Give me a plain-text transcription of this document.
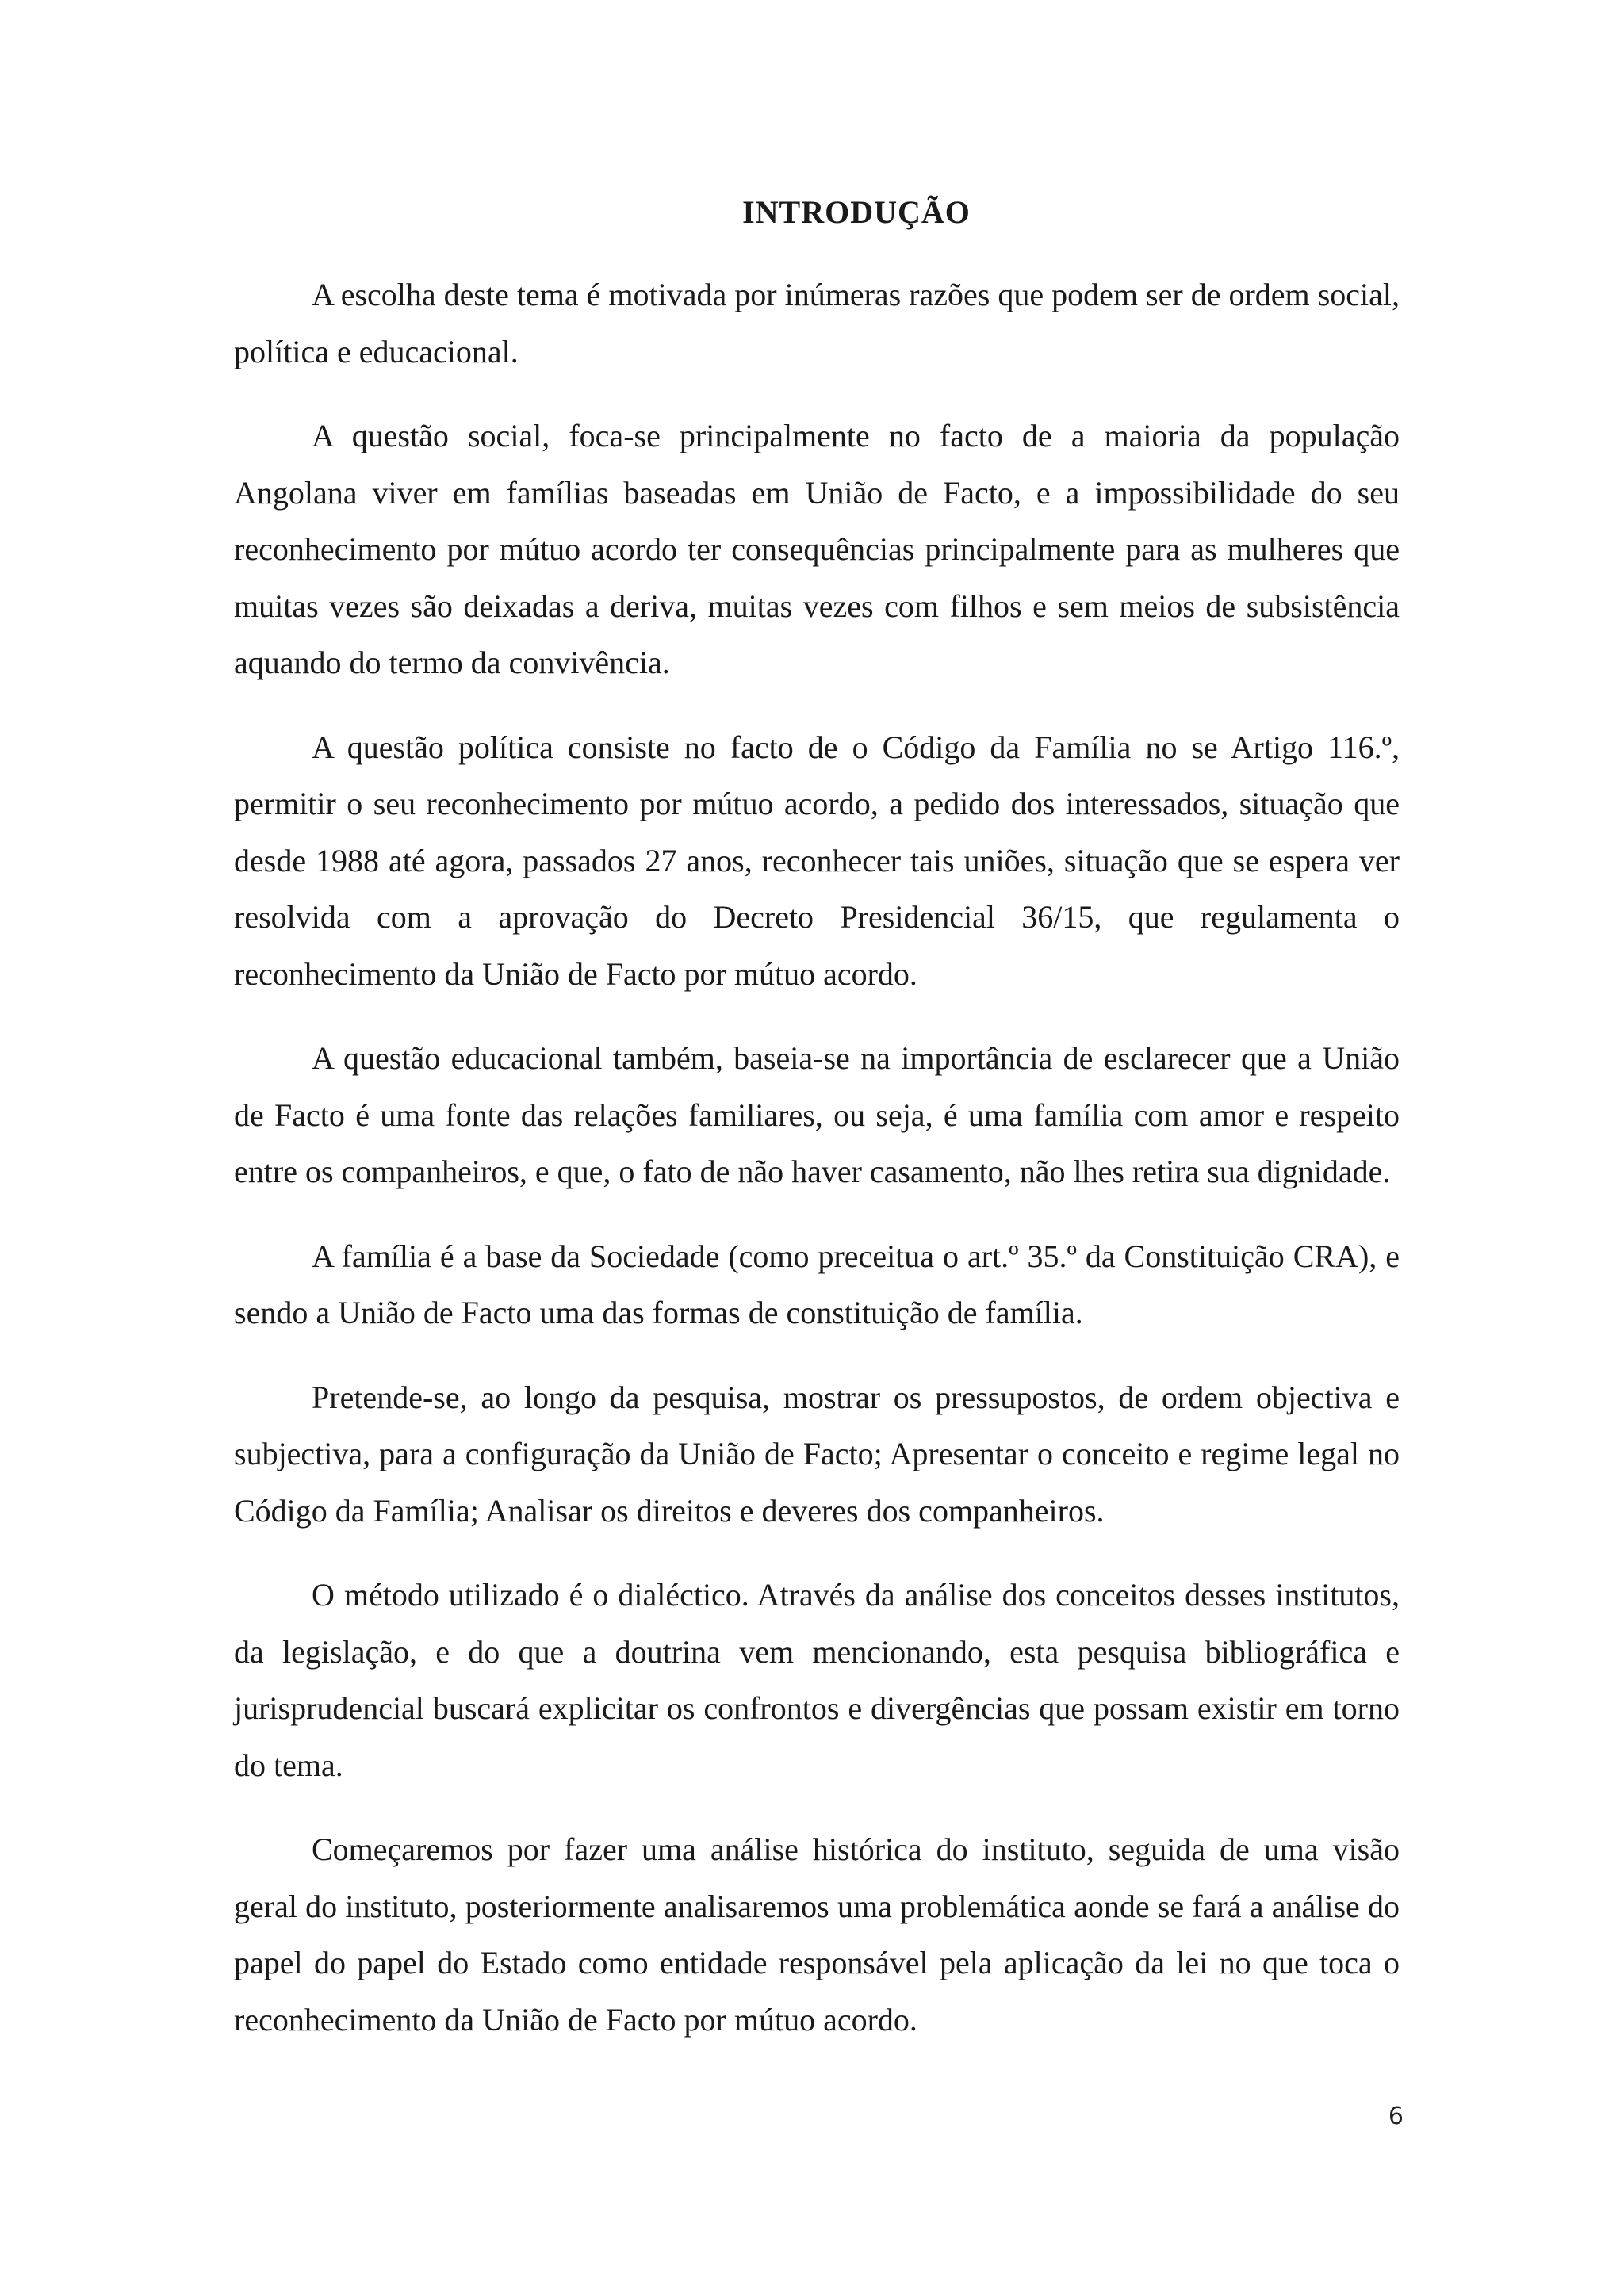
INTRODUÇÃO

A escolha deste tema é motivada por inúmeras razões que podem ser de ordem social, política e educacional.

A questão social, foca-se principalmente no facto de a maioria da população Angolana viver em famílias baseadas em União de Facto, e a impossibilidade do seu reconhecimento por mútuo acordo ter consequências principalmente para as mulheres que muitas vezes são deixadas a deriva, muitas vezes com filhos e sem meios de subsistência aquando do termo da convivência.

A questão política consiste no facto de o Código da Família no se Artigo 116.º, permitir o seu reconhecimento por mútuo acordo, a pedido dos interessados, situação que desde 1988 até agora, passados 27 anos, reconhecer tais uniões, situação que se espera ver resolvida com a aprovação do Decreto Presidencial 36/15, que regulamenta o reconhecimento da União de Facto por mútuo acordo.

A questão educacional também, baseia-se na importância de esclarecer que a União de Facto é uma fonte das relações familiares, ou seja, é uma família com amor e respeito entre os companheiros, e que, o fato de não haver casamento, não lhes retira sua dignidade.

A família é a base da Sociedade (como preceitua o art.º 35.º da Constituição CRA), e sendo a União de Facto uma das formas de constituição de família.

Pretende-se, ao longo da pesquisa, mostrar os pressupostos, de ordem objectiva e subjectiva, para a configuração da União de Facto; Apresentar o conceito e regime legal no Código da Família; Analisar os direitos e deveres dos companheiros.

O método utilizado é o dialéctico. Através da análise dos conceitos desses institutos, da legislação, e do que a doutrina vem mencionando, esta pesquisa bibliográfica e jurisprudencial buscará explicitar os confrontos e divergências que possam existir em torno do tema.

Começaremos por fazer uma análise histórica do instituto, seguida de uma visão geral do instituto, posteriormente analisaremos uma problemática aonde se fará a análise do papel do papel do Estado como entidade responsável pela aplicação da lei no que toca o reconhecimento da União de Facto por mútuo acordo.

6
